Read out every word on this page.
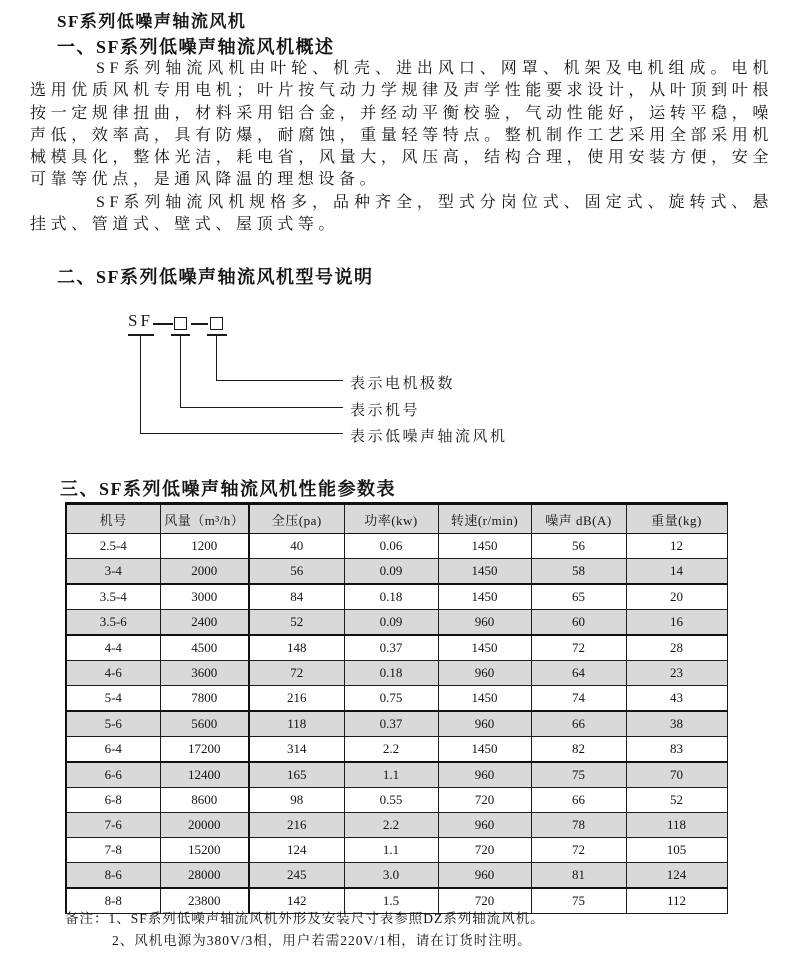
SF系列低噪声轴流风机
一、SF系列低噪声轴流风机概述

SF系列轴流风机由叶轮、机壳、进出风口、网罩、机架及电机组成。电机选用优质风机专用电机；叶片按气动力学规律及声学性能要求设计，从叶顶到叶根按一定规律扭曲，材料采用铝合金，并经动平衡校验，气动性能好，运转平稳，噪声低，效率高，具有防爆，耐腐蚀，重量轻等特点。整机制作工艺采用全部采用机械模具化，整体光洁，耗电省，风量大，风压高，结构合理，使用安装方便，安全可靠等优点，是通风降温的理想设备。

SF系列轴流风机规格多，品种齐全，型式分岗位式、固定式、旋转式、悬挂式、管道式、壁式、屋顶式等。

二、SF系列低噪声轴流风机型号说明
SF
表示电机极数
表示机号
表示低噪声轴流风机
三、SF系列低噪声轴流风机性能参数表
机号	风量（m³/h）	全压(pa)	功率(kw)	转速(r/min)	噪声 dB(A)	重量(kg)
2.5-4	1200	40	0.06	1450	56	12
3-4	2000	56	0.09	1450	58	14
3.5-4	3000	84	0.18	1450	65	20
3.5-6	2400	52	0.09	960	60	16
4-4	4500	148	0.37	1450	72	28
4-6	3600	72	0.18	960	64	23
5-4	7800	216	0.75	1450	74	43
5-6	5600	118	0.37	960	66	38
6-4	17200	314	2.2	1450	82	83
6-6	12400	165	1.1	960	75	70
6-8	8600	98	0.55	720	66	52
7-6	20000	216	2.2	960	78	118
7-8	15200	124	1.1	720	72	105
8-6	28000	245	3.0	960	81	124
8-8	23800	142	1.5	720	75	112
备注：1、SF系列低噪声轴流风机外形及安装尺寸表参照DZ系列轴流风机。
2、风机电源为380V/3相，用户若需220V/1相，请在订货时注明。
